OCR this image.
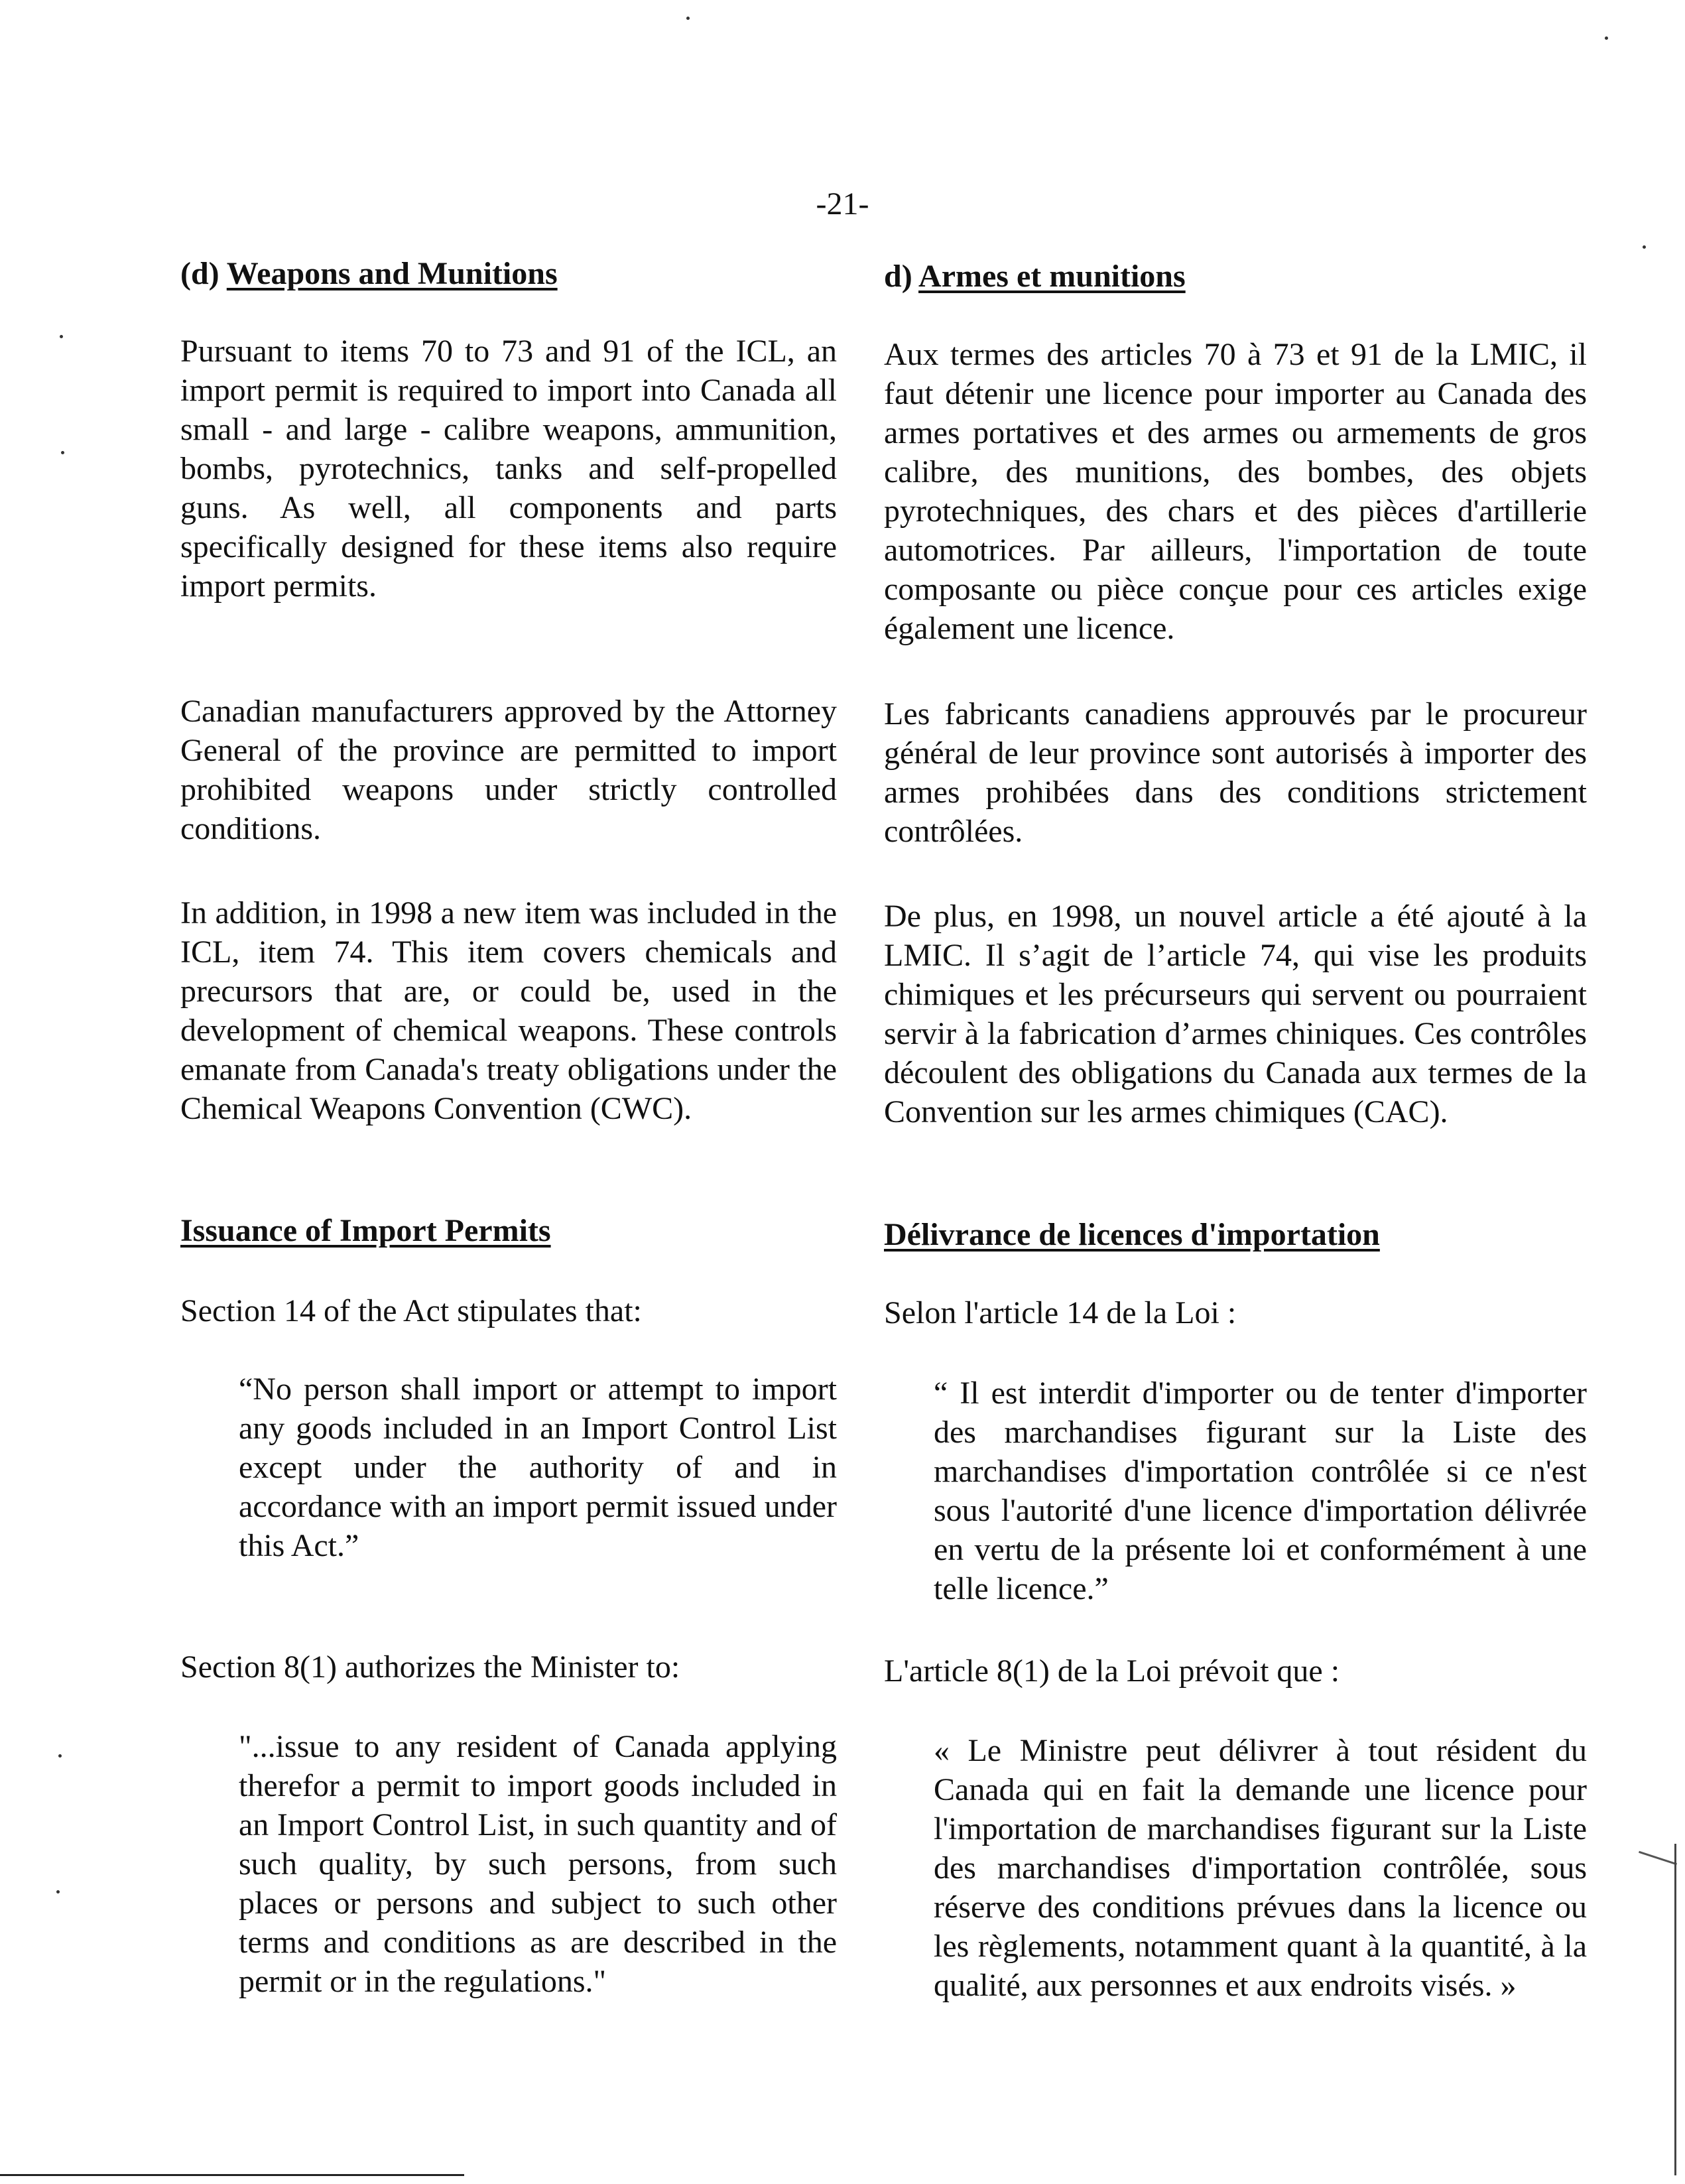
-21-
(d) Weapons and Munitions

Pursuant to items 70 to 73 and 91 of the ICL, an import permit is required to import into Canada all small - and large - calibre weapons, ammunition, bombs, pyrotechnics, tanks and self-propelled guns. As well, all components and parts specifically designed for these items also require import permits.

Canadian manufacturers approved by the Attorney General of the province are permitted to import prohibited weapons under strictly controlled conditions.

In addition, in 1998 a new item was included in the ICL, item 74. This item covers chemicals and precursors that are, or could be, used in the development of chemical weapons. These controls emanate from Canada's treaty obligations under the Chemical Weapons Convention (CWC).

Issuance of Import Permits

Section 14 of the Act stipulates that:

“No person shall import or attempt to import any goods included in an Import Control List except under the authority of and in accordance with an import permit issued under this Act.”

Section 8(1) authorizes the Minister to:

"...issue to any resident of Canada applying therefor a permit to import goods included in an Import Control List, in such quantity and of such quality, by such persons, from such places or persons and subject to such other terms and conditions as are described in the permit or in the regulations."

d) Armes et munitions

Aux termes des articles 70 à 73 et 91 de la LMIC, il faut détenir une licence pour importer au Canada des armes portatives et des armes ou armements de gros calibre, des munitions, des bombes, des objets pyrotechniques, des chars et des pièces d'artillerie automotrices. Par ailleurs, l'importation de toute composante ou pièce conçue pour ces articles exige également une licence.

Les fabricants canadiens approuvés par le procureur général de leur province sont autorisés à importer des armes prohibées dans des conditions strictement contrôlées.

De plus, en 1998, un nouvel article a été ajouté à la LMIC. Il s’agit de l’article 74, qui vise les produits chimiques et les précurseurs qui servent ou pourraient servir à la fabrication d’armes chiniques. Ces contrôles découlent des obligations du Canada aux termes de la Convention sur les armes chimiques (CAC).

Délivrance de licences d'importation

Selon l'article 14 de la Loi :

“ Il est interdit d'importer ou de tenter d'importer des marchandises figurant sur la Liste des marchandises d'importation contrôlée si ce n'est sous l'autorité d'une licence d'importation délivrée en vertu de la présente loi et conformément à une telle licence.”

L'article 8(1) de la Loi prévoit que :

« Le Ministre peut délivrer à tout résident du Canada qui en fait la demande une licence pour l'importation de marchandises figurant sur la Liste des marchandises d'importation contrôlée, sous réserve des conditions prévues dans la licence ou les règlements, notamment quant à la quantité, à la qualité, aux personnes et aux endroits visés. »
